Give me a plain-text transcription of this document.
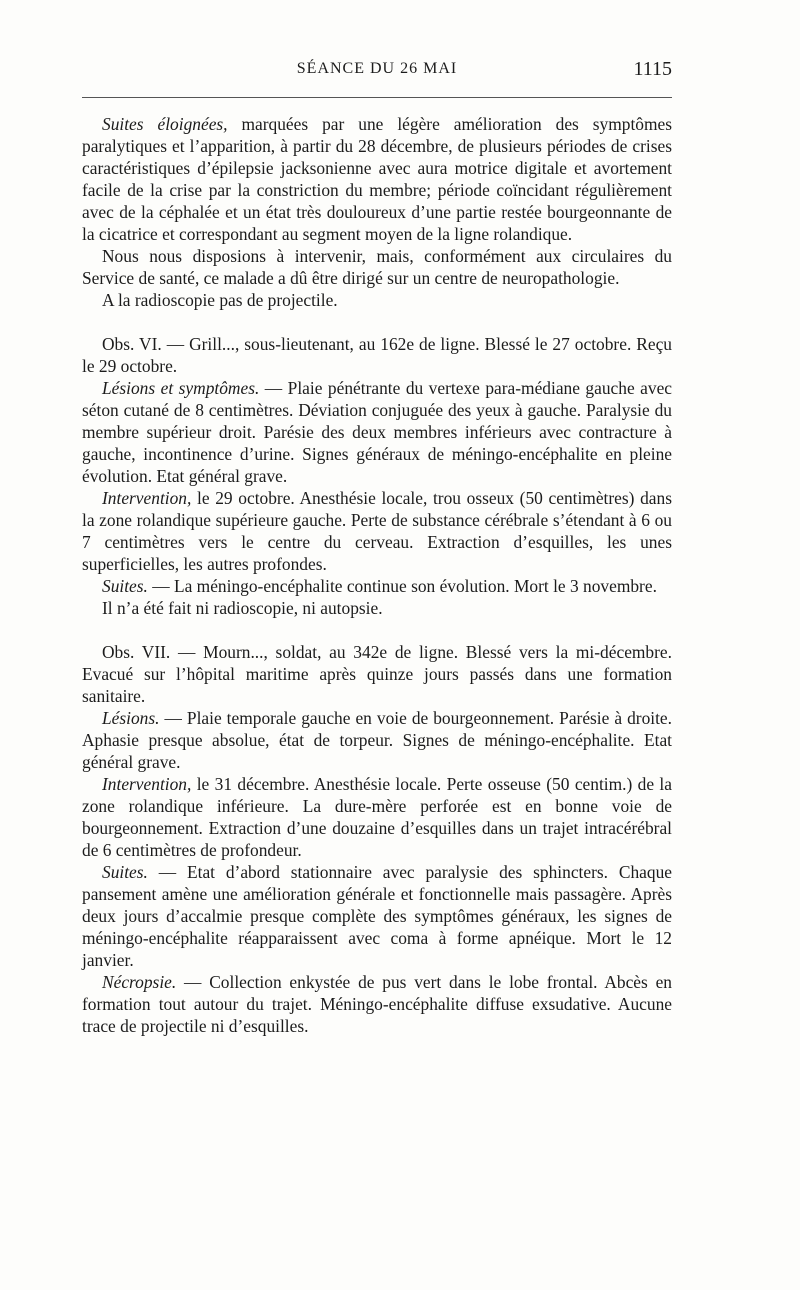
SÉANCE DU 26 MAI	1115

Suites éloignées, marquées par une légère amélioration des symptômes paralytiques et l’apparition, à partir du 28 décembre, de plusieurs périodes de crises caractéristiques d’épilepsie jacksonienne avec aura motrice digitale et avortement facile de la crise par la constriction du membre; période coïncidant régulièrement avec de la céphalée et un état très douloureux d’une partie restée bourgeonnante de la cicatrice et correspondant au segment moyen de la ligne rolandique.

Nous nous disposions à intervenir, mais, conformément aux circulaires du Service de santé, ce malade a dû être dirigé sur un centre de neuropathologie.

A la radioscopie pas de projectile.

Obs. VI. — Grill..., sous-lieutenant, au 162e de ligne. Blessé le 27 octobre. Reçu le 29 octobre.

Lésions et symptômes. — Plaie pénétrante du vertexe para-médiane gauche avec séton cutané de 8 centimètres. Déviation conjuguée des yeux à gauche. Paralysie du membre supérieur droit. Parésie des deux membres inférieurs avec contracture à gauche, incontinence d’urine. Signes généraux de méningo-encéphalite en pleine évolution. Etat général grave.

Intervention, le 29 octobre. Anesthésie locale, trou osseux (50 centimètres) dans la zone rolandique supérieure gauche. Perte de substance cérébrale s’étendant à 6 ou 7 centimètres vers le centre du cerveau. Extraction d’esquilles, les unes superficielles, les autres profondes.

Suites. — La méningo-encéphalite continue son évolution. Mort le 3 novembre.

Il n’a été fait ni radioscopie, ni autopsie.

Obs. VII. — Mourn..., soldat, au 342e de ligne. Blessé vers la mi-décembre. Evacué sur l’hôpital maritime après quinze jours passés dans une formation sanitaire.

Lésions. — Plaie temporale gauche en voie de bourgeonnement. Parésie à droite. Aphasie presque absolue, état de torpeur. Signes de méningo-encéphalite. Etat général grave.

Intervention, le 31 décembre. Anesthésie locale. Perte osseuse (50 centim.) de la zone rolandique inférieure. La dure-mère perforée est en bonne voie de bourgeonnement. Extraction d’une douzaine d’esquilles dans un trajet intracérébral de 6 centimètres de profondeur.

Suites. — Etat d’abord stationnaire avec paralysie des sphincters. Chaque pansement amène une amélioration générale et fonctionnelle mais passagère. Après deux jours d’accalmie presque complète des symptômes généraux, les signes de méningo-encéphalite réapparaissent avec coma à forme apnéique. Mort le 12 janvier.

Nécropsie. — Collection enkystée de pus vert dans le lobe frontal. Abcès en formation tout autour du trajet. Méningo-encéphalite diffuse exsudative. Aucune trace de projectile ni d’esquilles.
